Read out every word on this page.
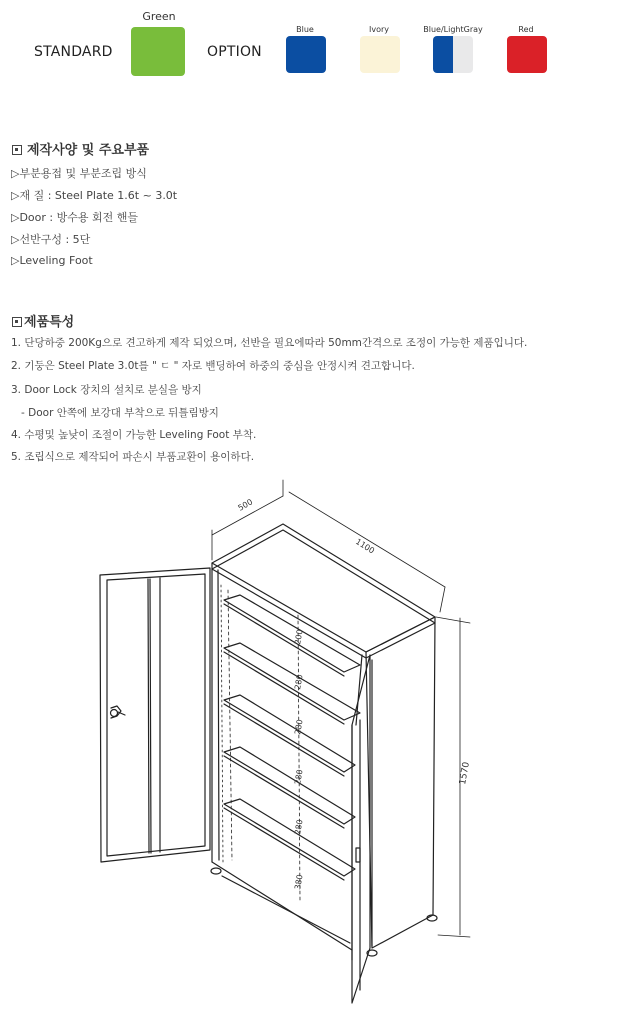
STANDARD
Green
OPTION
Blue	Ivory	Blue/LightGray	Red
제작사양 및 주요부품
▷부분용접 및 부분조립 방식
▷재 질 : Steel Plate 1.6t ~ 3.0t
▷Door : 방수용 회전 핸들
▷선반구성 : 5단
▷Leveling Foot
제품특성
1. 단당하중 200Kg으로 견고하게 제작 되었으며, 선반을 필요에따라 50mm간격으로 조정이 가능한 제품입니다.
2. 기둥은 Steel Plate 3.0t를 " ㄷ " 자로 밴딩하여 하중의 중심을 안정시켜 견고합니다.
3. Door Lock 장치의 설치로 분실을 방지
- Door 안쪽에 보강대 부착으로 뒤틀림방지
4. 수평및 높낮이 조절이 가능한 Leveling Foot 부착.
5. 조립식으로 제작되어 파손시 부품교환이 용이하다.
500
1100
1570
200
280
280
280
280
380
